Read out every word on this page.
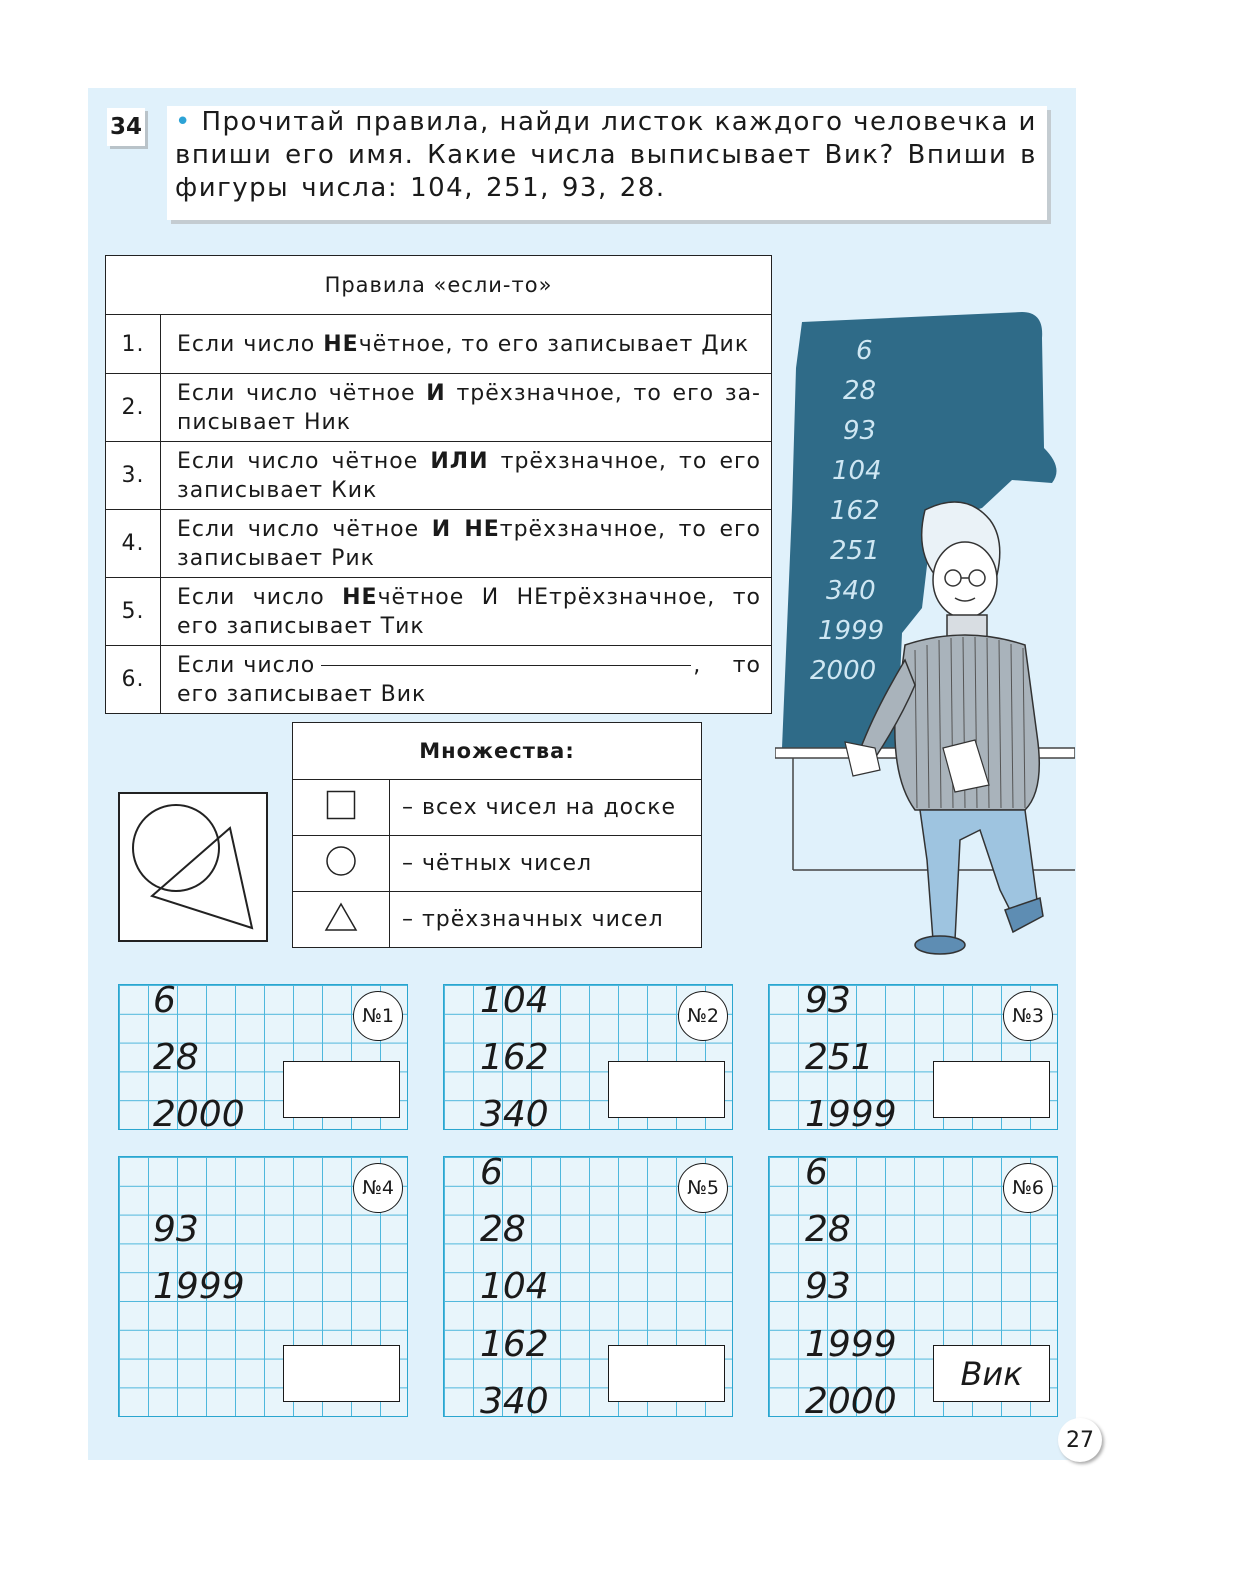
34 • Прочитай правила, найди листок каждого человечка и
впиши его имя. Какие числа выписывает Вик? Впиши в
фигуры числа: 104, 251, 93, 28.
Правила «если-то»	
1.	Если число НЕчётное, то его записывает Дик
2.	Если число чётное И трёхзначное, то его за-писывает Ник
3.	Если число чётное ИЛИ трёхзначное, то его записывает Кик
4.	Если число чётное И НЕтрёхзначное, то его записывает Рик
5.	Если число НЕчётное И НЕтрёхзначное, то его записывает Тик
6.	Если число , то

его записывает Вик
6
28
93
104
162
251
340
1999
2000
Множества:	
	– всех чисел на доске
	– чётных чисел
	– трёхзначных чисел
№1
6
28
2000
№2
104
162
340
№3
93
251
1999
№4
93
1999
№5
6
28
104
162
340
№6
6
28
93
1999
2000
Вик
27
